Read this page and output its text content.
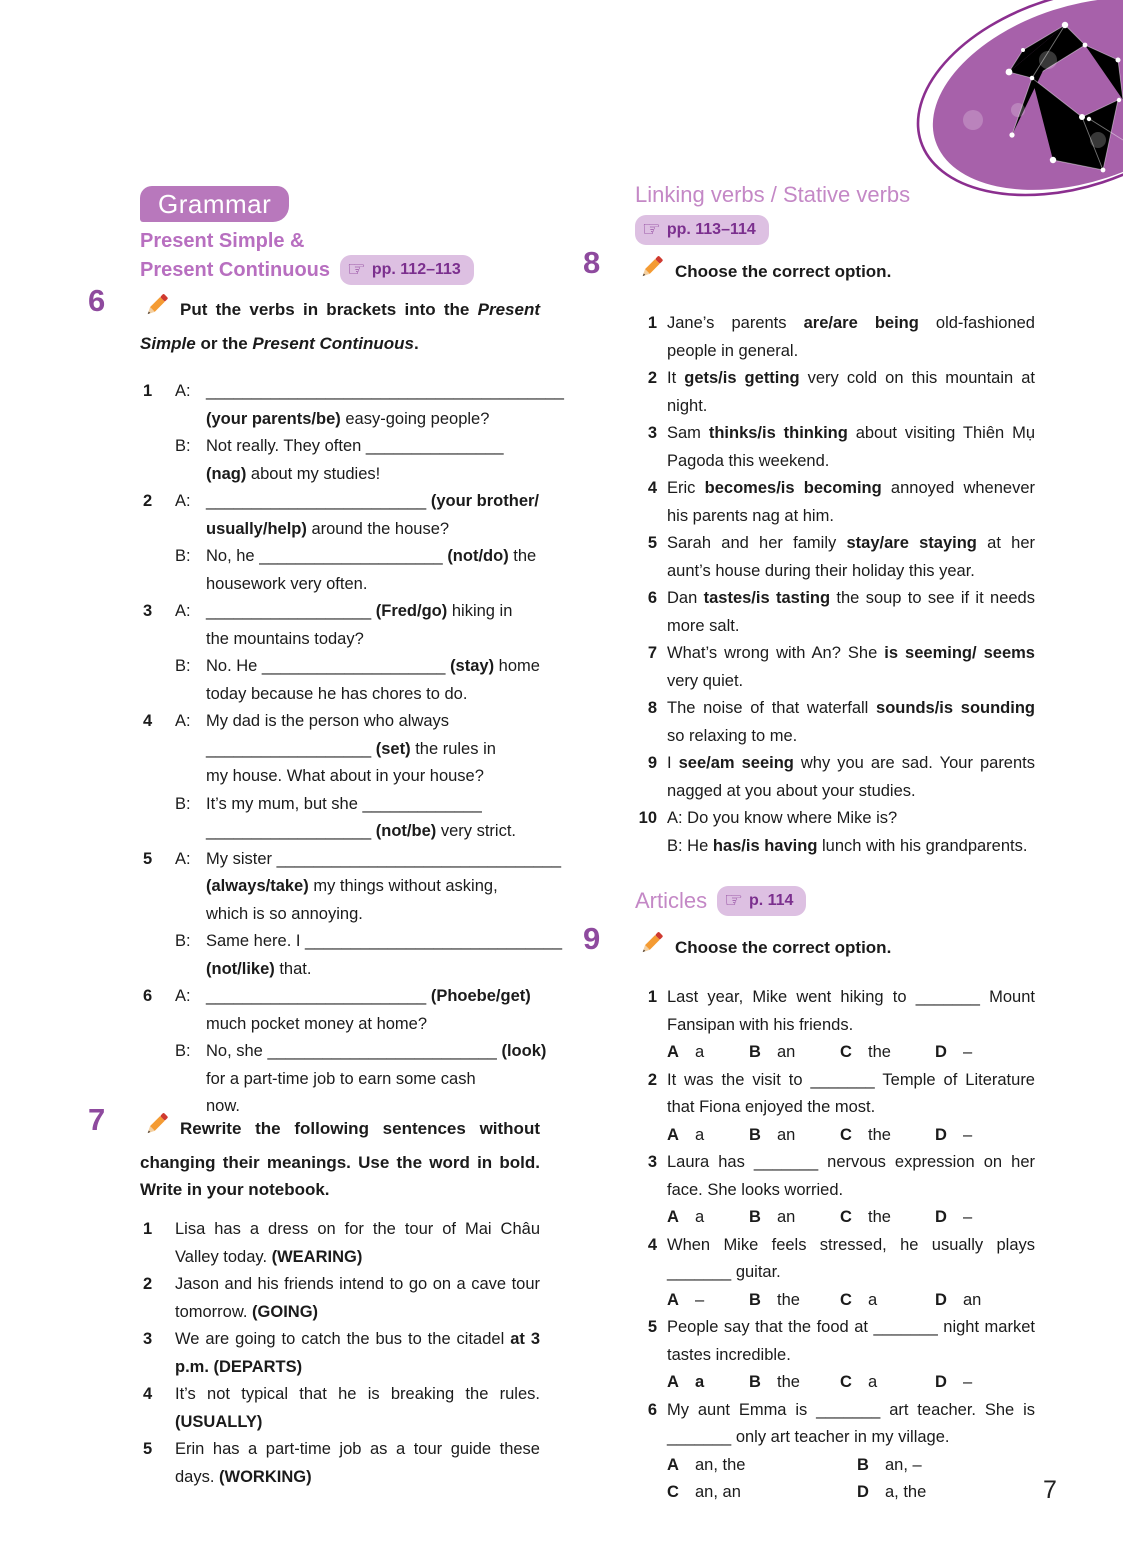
Grammar
Present Simple &
Present Continuous ☞ pp. 112–113
6	Put the verbs in brackets into the Present Simple or the Present Continuous.
1	A: _______________________________________
(your parents/be) easy-going people?
B: Not really. They often _______________
(nag) about my studies!
2	A: ________________________ (your brother/
usually/help) around the house?
B: No, he ____________________ (not/do) the
housework very often.
3	A: __________________ (Fred/go) hiking in
the mountains today?
B: No. He ____________________ (stay) home
today because he has chores to do.
4	A: My dad is the person who always
__________________ (set) the rules in
my house. What about in your house?
B: It’s my mum, but she _____________
__________________ (not/be) very strict.
5	A: My sister _______________________________
(always/take) my things without asking,
which is so annoying.
B: Same here. I ____________________________
(not/like) that.
6	A: ________________________ (Phoebe/get)
much pocket money at home?
B: No, she _________________________ (look)
for a part-time job to earn some cash
now.
7	Rewrite the following sentences without changing their meanings. Use the word in bold. Write in your notebook.
1	Lisa has a dress on for the tour of Mai Châu Valley today. (WEARING)
2	Jason and his friends intend to go on a cave tour tomorrow. (GOING)
3	We are going to catch the bus to the citadel at 3 p.m. (DEPARTS)
4	It’s not typical that he is breaking the rules. (USUALLY)
5	Erin has a part-time job as a tour guide these days. (WORKING)
Linking verbs / Stative verbs
☞ pp. 113–114
8	Choose the correct option.
1 Jane’s parents are/are being old-fashioned people in general.
2 It gets/is getting very cold on this mountain at night.
3 Sam thinks/is thinking about visiting Thiên Mụ Pagoda this weekend.
4 Eric becomes/is becoming annoyed whenever his parents nag at him.
5 Sarah and her family stay/are staying at her aunt’s house during their holiday this year.
6 Dan tastes/is tasting the soup to see if it needs more salt.
7 What’s wrong with An? She is seeming/ seems very quiet.
8 The noise of that waterfall sounds/is sounding so relaxing to me.
9 I see/am seeing why you are sad. Your parents nagged at you about your studies.
10 A: Do you know where Mike is?
B: He has/is having lunch with his grandparents.
Articles ☞ p. 114
9	Choose the correct option.
1 Last year, Mike went hiking to _______ Mount Fansipan with his friends.
A a	B an	C the	D –
2 It was the visit to _______ Temple of Literature that Fiona enjoyed the most.
A a	B an	C the	D –
3 Laura has _______ nervous expression on her face. She looks worried.
A a	B an	C the	D –
4 When Mike feels stressed, he usually plays _______ guitar.
A –	B the	C a	D an
5 People say that the food at _______ night market tastes incredible.
A a	B the	C a	D –
6 My aunt Emma is _______ art teacher. She is _______ only art teacher in my village.
A an, the	B an, –
C an, an	D a, the	7
